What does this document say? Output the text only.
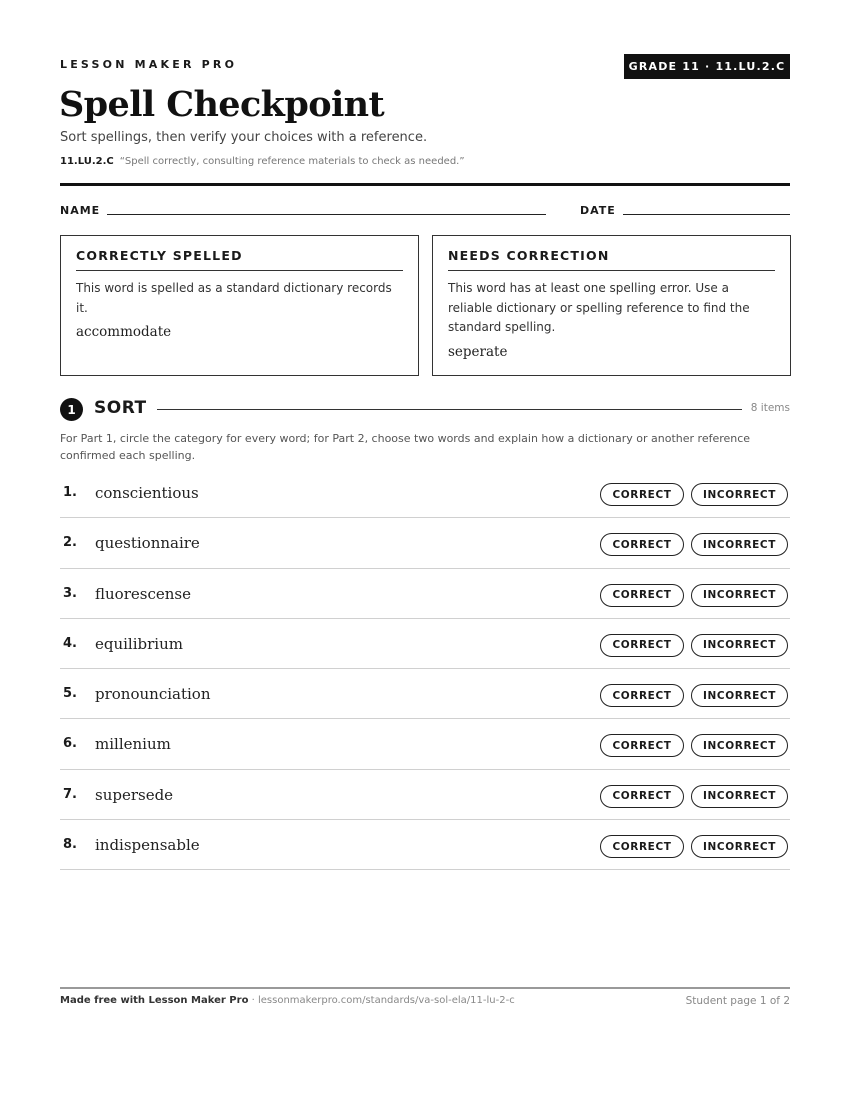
LESSON MAKER PRO	GRADE 11 · 11.LU.2.C
Spell Checkpoint
Sort spellings, then verify your choices with a reference.
11.LU.2.C “Spell correctly, consulting reference materials to check as needed.”
NAME	DATE
CORRECTLY SPELLED
This word is spelled as a standard dictionary records it.
accommodate
NEEDS CORRECTION
This word has at least one spelling error. Use a reliable dictionary or spelling reference to find the standard spelling.
seperate
1	SORT	8 items
For Part 1, circle the category for every word; for Part 2, choose two words and explain how a dictionary or another reference confirmed each spelling.
1. conscientious	CORRECT	INCORRECT
2. questionnaire	CORRECT	INCORRECT
3. fluorescense	CORRECT	INCORRECT
4. equilibrium	CORRECT	INCORRECT
5. pronounciation	CORRECT	INCORRECT
6. millenium	CORRECT	INCORRECT
7. supersede	CORRECT	INCORRECT
8. indispensable	CORRECT	INCORRECT
Made free with Lesson Maker Pro · lessonmakerpro.com/standards/va-sol-ela/11-lu-2-c	Student page 1 of 2
